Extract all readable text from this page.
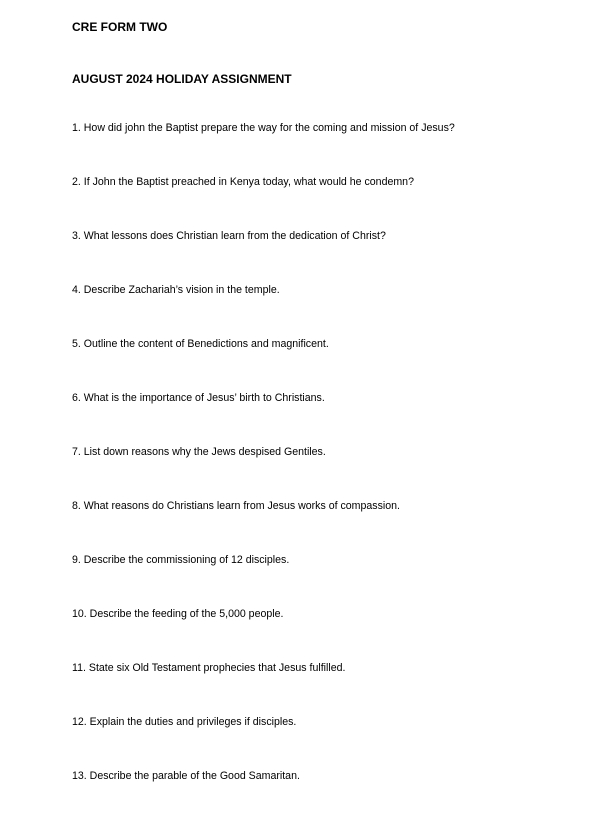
CRE FORM TWO
AUGUST 2024 HOLIDAY ASSIGNMENT
1. How did john the Baptist prepare the way for the coming and mission of Jesus?
2. If John the Baptist preached in Kenya today, what would he condemn?
3. What lessons does Christian learn from the dedication of Christ?
4. Describe Zachariah’s vision in the temple.
5. Outline the content of Benedictions and magnificent.
6. What is the importance of Jesus’ birth to Christians.
7. List down reasons why the Jews despised Gentiles.
8. What reasons do Christians learn from Jesus works of compassion.
9. Describe the commissioning of 12 disciples.
10. Describe the feeding of the 5,000 people.
11. State six Old Testament prophecies that Jesus fulfilled.
12. Explain the duties and privileges if disciples.
13. Describe the parable of the Good Samaritan.
